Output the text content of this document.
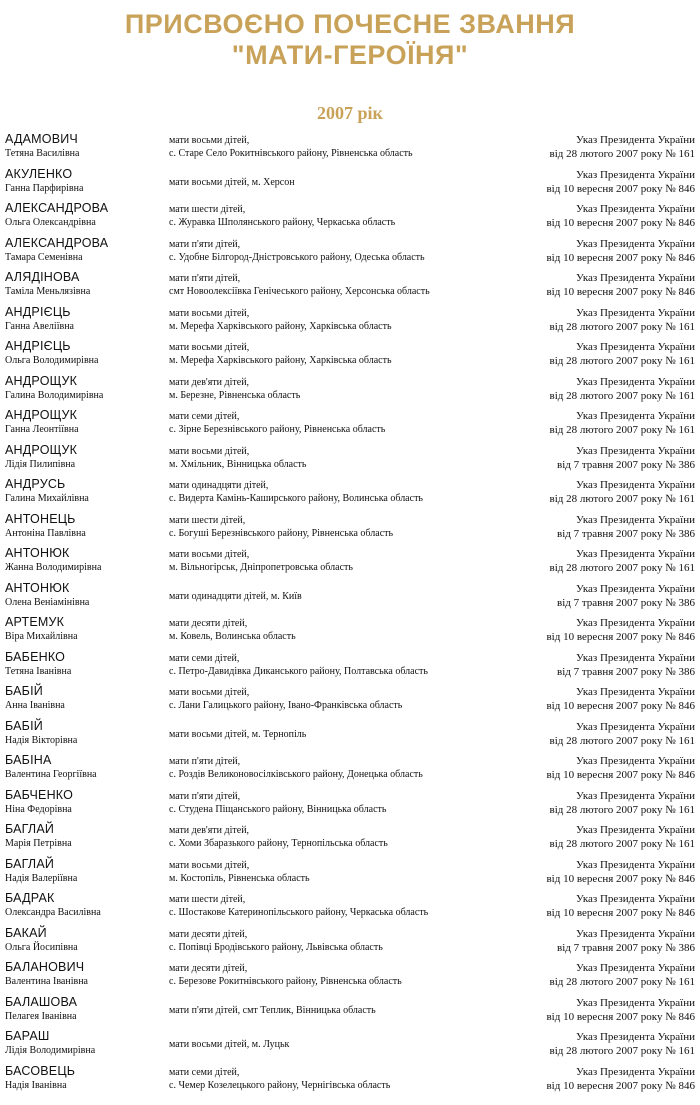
ПРИСВОЄНО ПОЧЕСНЕ ЗВАННЯ
"МАТИ-ГЕРОЇНЯ"
2007 рік
АДАМОВИЧ
Тетяна Василівна
мати восьми дітей,
с. Старе Село Рокитнівського району, Рівненська область
Указ Президента України
від 28 лютого 2007 року № 161
АКУЛЕНКО
Ганна Парфирівна
мати восьми дітей, м. Херсон
Указ Президента України
від 10 вересня 2007 року № 846
АЛЕКСАНДРОВА
Ольга Олександрівна
мати шести дітей,
с. Журавка Шполянського району, Черкаська область
Указ Президента України
від 10 вересня 2007 року № 846
АЛЕКСАНДРОВА
Тамара Семенівна
мати п'яти дітей,
с. Удобне Білгород-Дністровського району, Одеська область
Указ Президента України
від 10 вересня 2007 року № 846
АЛЯДІНОВА
Таміла Меньлязівна
мати п'яти дітей,
смт Новоолексіївка Генічеського району, Херсонська область
Указ Президента України
від 10 вересня 2007 року № 846
АНДРІЄЦЬ
Ганна Авеліївна
мати восьми дітей,
м. Мерефа Харківського району, Харківська область
Указ Президента України
від 28 лютого 2007 року № 161
АНДРІЄЦЬ
Ольга Володимирівна
мати восьми дітей,
м. Мерефа Харківського району, Харківська область
Указ Президента України
від 28 лютого 2007 року № 161
АНДРОЩУК
Галина Володимирівна
мати дев'яти дітей,
м. Березне, Рівненська область
Указ Президента України
від 28 лютого 2007 року № 161
АНДРОЩУК
Ганна Леонтіївна
мати семи дітей,
с. Зірне Березнівського району, Рівненська область
Указ Президента України
від 28 лютого 2007 року № 161
АНДРОЩУК
Лідія Пилипівна
мати восьми дітей,
м. Хмільник, Вінницька область
Указ Президента України
від 7 травня 2007 року № 386
АНДРУСЬ
Галина Михайлівна
мати одинадцяти дітей,
с. Видерта Камінь-Каширського району, Волинська область
Указ Президента України
від 28 лютого 2007 року № 161
АНТОНЕЦЬ
Антоніна Павлівна
мати шести дітей,
с. Богуші Березнівського району, Рівненська область
Указ Президента України
від 7 травня 2007 року № 386
АНТОНЮК
Жанна Володимирівна
мати восьми дітей,
м. Вільногірськ, Дніпропетровська область
Указ Президента України
від 28 лютого 2007 року № 161
АНТОНЮК
Олена Веніамінівна
мати одинадцяти дітей, м. Київ
Указ Президента України
від 7 травня 2007 року № 386
АРТЕМУК
Віра Михайлівна
мати десяти дітей,
м. Ковель, Волинська область
Указ Президента України
від 10 вересня 2007 року № 846
БАБЕНКО
Тетяна Іванівна
мати семи дітей,
с. Петро-Давидівка Диканського району, Полтавська область
Указ Президента України
від 7 травня 2007 року № 386
БАБІЙ
Анна Іванівна
мати восьми дітей,
с. Лани Галицького району, Івано-Франківська область
Указ Президента України
від 10 вересня 2007 року № 846
БАБІЙ
Надія Вікторівна
мати восьми дітей, м. Тернопіль
Указ Президента України
від 28 лютого 2007 року № 161
БАБІНА
Валентина Георгіївна
мати п'яти дітей,
с. Роздів Великоновосілківського району, Донецька область
Указ Президента України
від 10 вересня 2007 року № 846
БАБЧЕНКО
Ніна Федорівна
мати п'яти дітей,
с. Студена Піщанського району, Вінницька область
Указ Президента України
від 28 лютого 2007 року № 161
БАГЛАЙ
Марія Петрівна
мати дев'яти дітей,
с. Хоми Збаразького району, Тернопільська область
Указ Президента України
від 28 лютого 2007 року № 161
БАГЛАЙ
Надія Валеріївна
мати восьми дітей,
м. Костопіль, Рівненська область
Указ Президента України
від 10 вересня 2007 року № 846
БАДРАК
Олександра Василівна
мати шести дітей,
с. Шостакове Катеринопільського району, Черкаська область
Указ Президента України
від 10 вересня 2007 року № 846
БАКАЙ
Ольга Йосипівна
мати десяти дітей,
с. Попівці Бродівського району, Львівська область
Указ Президента України
від 7 травня 2007 року № 386
БАЛАНОВИЧ
Валентина Іванівна
мати десяти дітей,
с. Березове Рокитнівського району, Рівненська область
Указ Президента України
від 28 лютого 2007 року № 161
БАЛАШОВА
Пелагея Іванівна
мати п'яти дітей, смт Теплик, Вінницька область
Указ Президента України
від 10 вересня 2007 року № 846
БАРАШ
Лідія Володимирівна
мати восьми дітей, м. Луцьк
Указ Президента України
від 28 лютого 2007 року № 161
БАСОВЕЦЬ
Надія Іванівна
мати семи дітей,
с. Чемер Козелецького району, Чернігівська область
Указ Президента України
від 10 вересня 2007 року № 846
